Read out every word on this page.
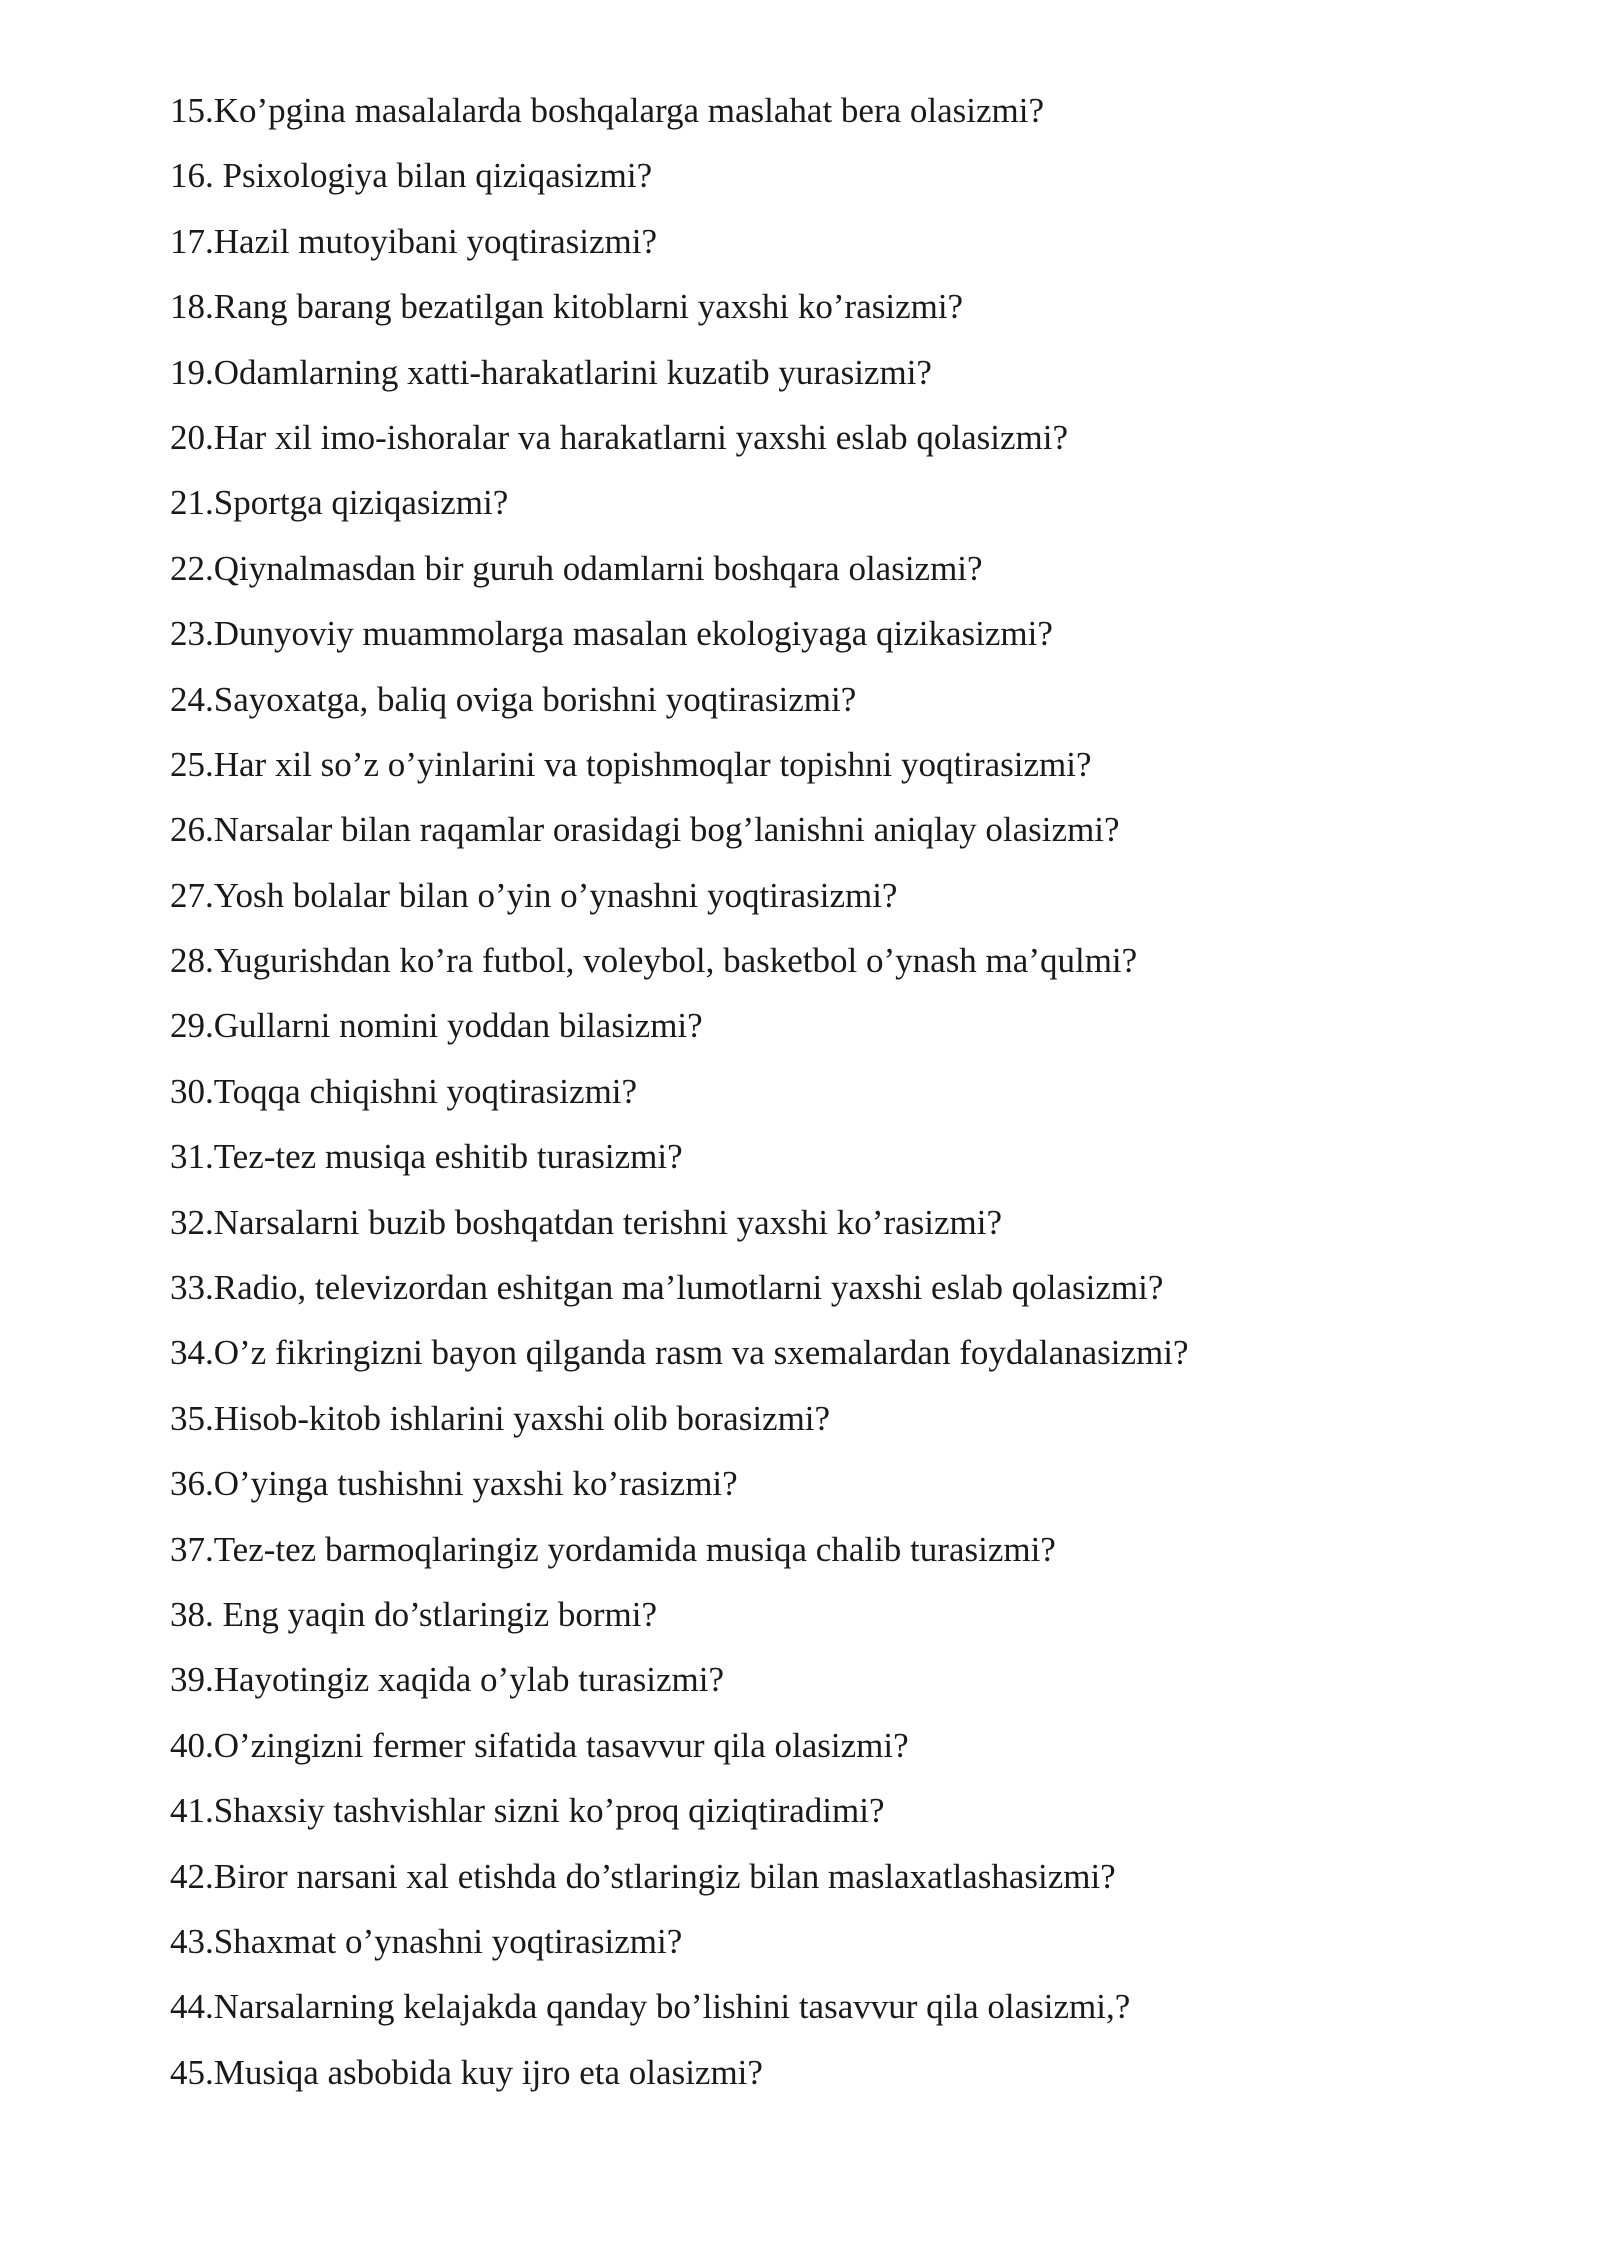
15. Ko’pgina masalalarda boshqalarga maslahat bera olasizmi?
16. Psixologiya bilan qiziqasizmi?
17. Hazil mutoyibani yoqtirasizmi?
18. Rang barang bezatilgan kitoblarni yaxshi ko’rasizmi?
19. Odamlarning xatti-harakatlarini kuzatib yurasizmi?
20. Har xil imo-ishoralar va harakatlarni yaxshi eslab qolasizmi?
21. Sportga qiziqasizmi?
22. Qiynalmasdan bir guruh odamlarni boshqara olasizmi?
23. Dunyoviy muammolarga masalan ekologiyaga qizikasizmi?
24. Sayoxatga, baliq oviga borishni yoqtirasizmi?
25. Har xil so’z o’yinlarini va topishmoqlar topishni yoqtirasizmi?
26. Narsalar bilan raqamlar orasidagi bog’lanishni aniqlay olasizmi?
27. Yosh bolalar bilan o’yin o’ynashni yoqtirasizmi?
28. Yugurishdan ko’ra futbol, voleybol, basketbol o’ynash ma’qulmi?
29. Gullarni nomini yoddan bilasizmi?
30. Toqqa chiqishni yoqtirasizmi?
31. Tez-tez musiqa eshitib turasizmi?
32. Narsalarni buzib boshqatdan terishni yaxshi ko’rasizmi?
33. Radio, televizordan eshitgan ma’lumotlarni yaxshi eslab qolasizmi?
34. O’z fikringizni bayon qilganda rasm va sxemalardan foydalanasizmi?
35. Hisob-kitob ishlarini yaxshi olib borasizmi?
36. O’yinga tushishni yaxshi ko’rasizmi?
37. Tez-tez barmoqlaringiz yordamida musiqa chalib turasizmi?
38. Eng yaqin do’stlaringiz bormi?
39. Hayotingiz xaqida o’ylab turasizmi?
40. O’zingizni fermer sifatida tasavvur qila olasizmi?
41. Shaxsiy tashvishlar sizni ko’proq qiziqtiradimi?
42. Biror narsani xal etishda do’stlaringiz bilan maslaxatlashasizmi?
43. Shaxmat o’ynashni yoqtirasizmi?
44. Narsalarning kelajakda qanday bo’lishini tasavvur qila olasizmi,?
45. Musiqa asbobida kuy ijro eta olasizmi?
